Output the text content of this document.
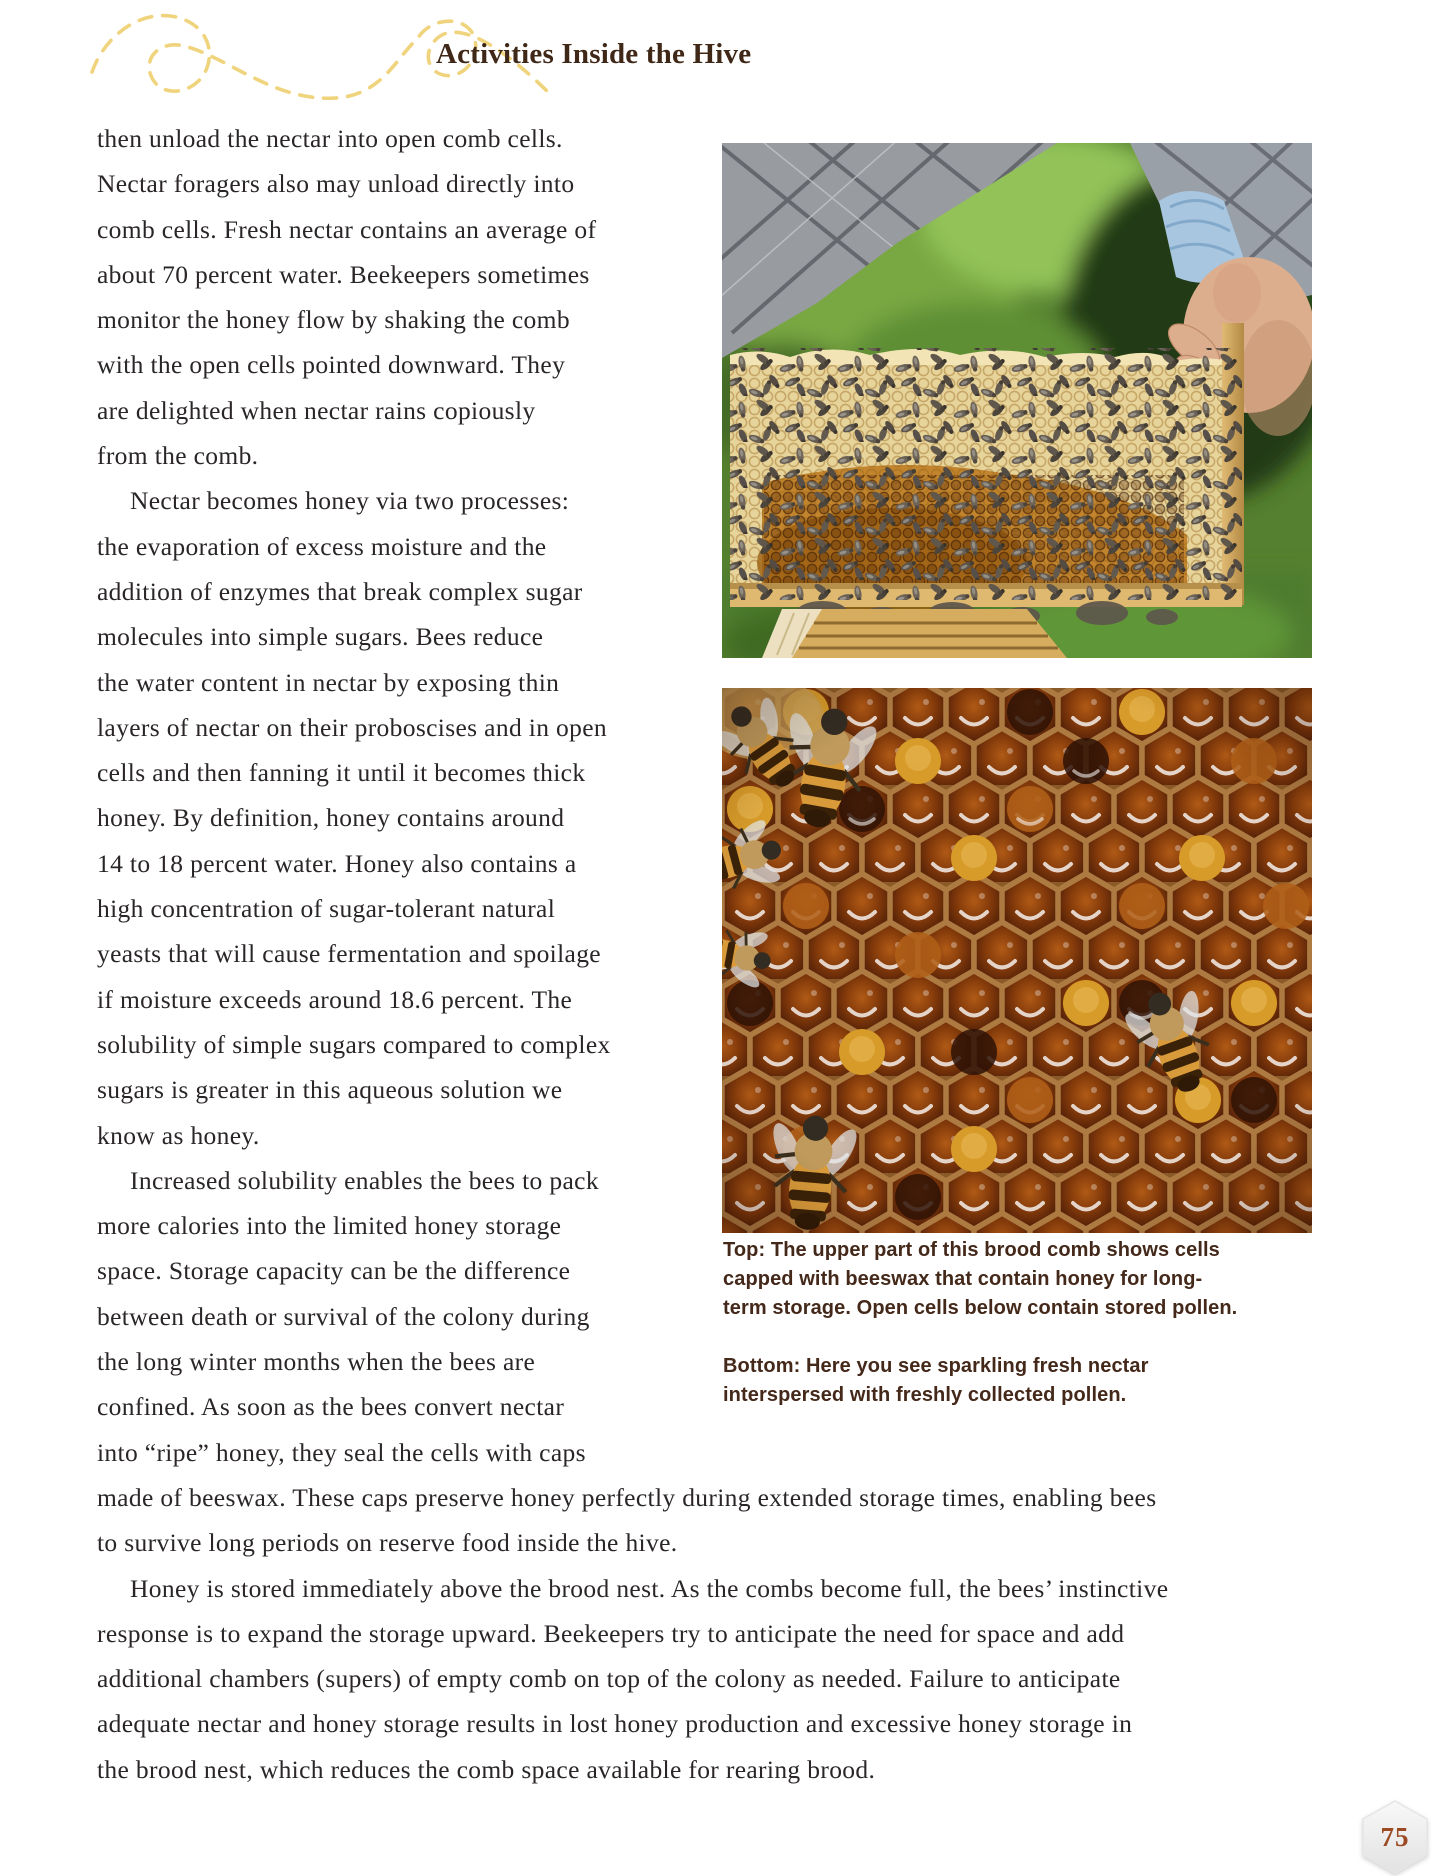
Activities Inside the Hive
then unload the nectar into open comb cells.
Nectar foragers also may unload directly into
comb cells. Fresh nectar contains an average of
about 70 percent water. Beekeepers sometimes
monitor the honey flow by shaking the comb
with the open cells pointed downward. They
are delighted when nectar rains copiously
from the comb.
Nectar becomes honey via two processes:
the evaporation of excess moisture and the
addition of enzymes that break complex sugar
molecules into simple sugars. Bees reduce
the water content in nectar by exposing thin
layers of nectar on their proboscises and in open
cells and then fanning it until it becomes thick
honey. By definition, honey contains around
14 to 18 percent water. Honey also contains a
high concentration of sugar-tolerant natural
yeasts that will cause fermentation and spoilage
if moisture exceeds around 18.6 percent. The
solubility of simple sugars compared to complex
sugars is greater in this aqueous solution we
know as honey.
Increased solubility enables the bees to pack
more calories into the limited honey storage
space. Storage capacity can be the difference
between death or survival of the colony during
the long winter months when the bees are
confined. As soon as the bees convert nectar
into “ripe” honey, they seal the cells with caps
Top: The upper part of this brood comb shows cells
capped with beeswax that contain honey for long-
term storage. Open cells below contain stored pollen.
Bottom: Here you see sparkling fresh nectar
interspersed with freshly collected pollen.
made of beeswax. These caps preserve honey perfectly during extended storage times, enabling bees
to survive long periods on reserve food inside the hive.
Honey is stored immediately above the brood nest. As the combs become full, the bees’ instinctive
response is to expand the storage upward. Beekeepers try to anticipate the need for space and add
additional chambers (supers) of empty comb on top of the colony as needed. Failure to anticipate
adequate nectar and honey storage results in lost honey production and excessive honey storage in
the brood nest, which reduces the comb space available for rearing brood.
75
